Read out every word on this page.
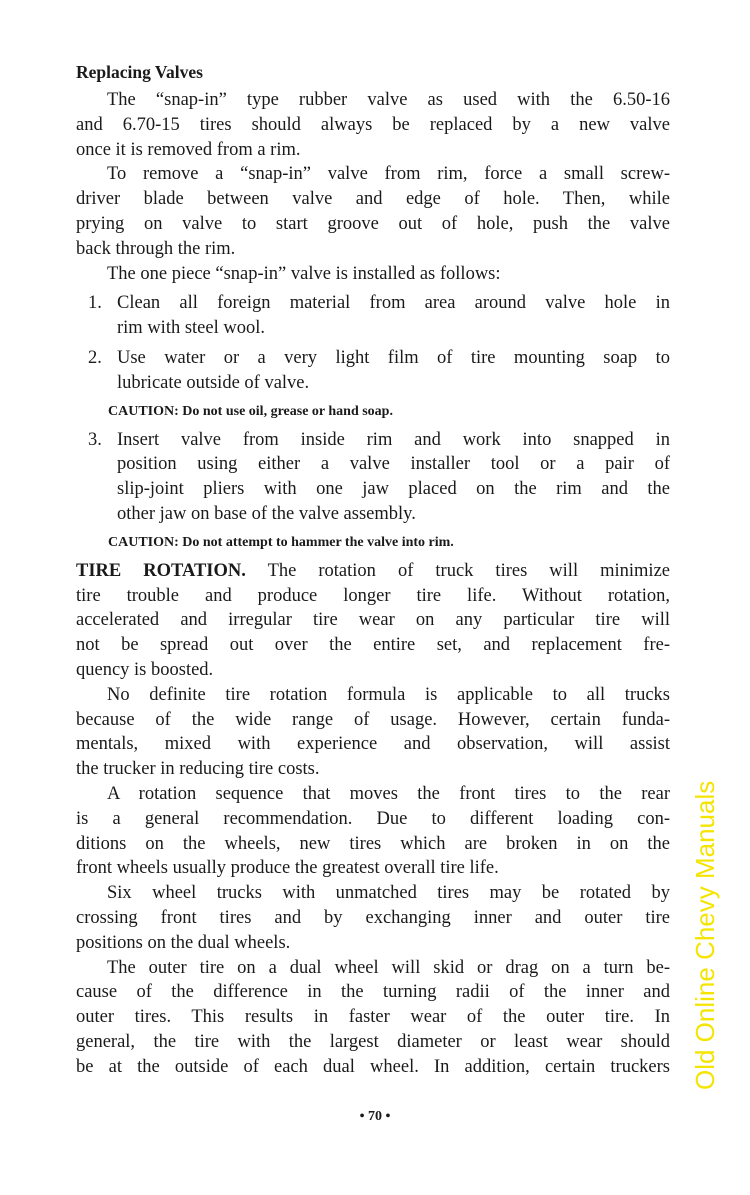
Replacing Valves
The “snap-in” type rubber valve as used with the 6.50-16
and 6.70-15 tires should always be replaced by a new valve
once it is removed from a rim.
To remove a “snap-in” valve from rim, force a small screw-
driver blade between valve and edge of hole. Then, while
prying on valve to start groove out of hole, push the valve
back through the rim.
The one piece “snap-in” valve is installed as follows:
1. Clean all foreign material from area around valve hole in
rim with steel wool.
2. Use water or a very light film of tire mounting soap to
lubricate outside of valve.
CAUTION: Do not use oil, grease or hand soap.
3. Insert valve from inside rim and work into snapped in
position using either a valve installer tool or a pair of
slip-joint pliers with one jaw placed on the rim and the
other jaw on base of the valve assembly.
CAUTION: Do not attempt to hammer the valve into rim.
TIRE ROTATION. The rotation of truck tires will minimize
tire trouble and produce longer tire life. Without rotation,
accelerated and irregular tire wear on any particular tire will
not be spread out over the entire set, and replacement fre-
quency is boosted.
No definite tire rotation formula is applicable to all trucks
because of the wide range of usage. However, certain funda-
mentals, mixed with experience and observation, will assist
the trucker in reducing tire costs.
A rotation sequence that moves the front tires to the rear
is a general recommendation. Due to different loading con-
ditions on the wheels, new tires which are broken in on the
front wheels usually produce the greatest overall tire life.
Six wheel trucks with unmatched tires may be rotated by
crossing front tires and by exchanging inner and outer tire
positions on the dual wheels.
The outer tire on a dual wheel will skid or drag on a turn be-
cause of the difference in the turning radii of the inner and
outer tires. This results in faster wear of the outer tire. In
general, the tire with the largest diameter or least wear should
be at the outside of each dual wheel. In addition, certain truckers
• 70 •
Old Online Chevy Manuals
